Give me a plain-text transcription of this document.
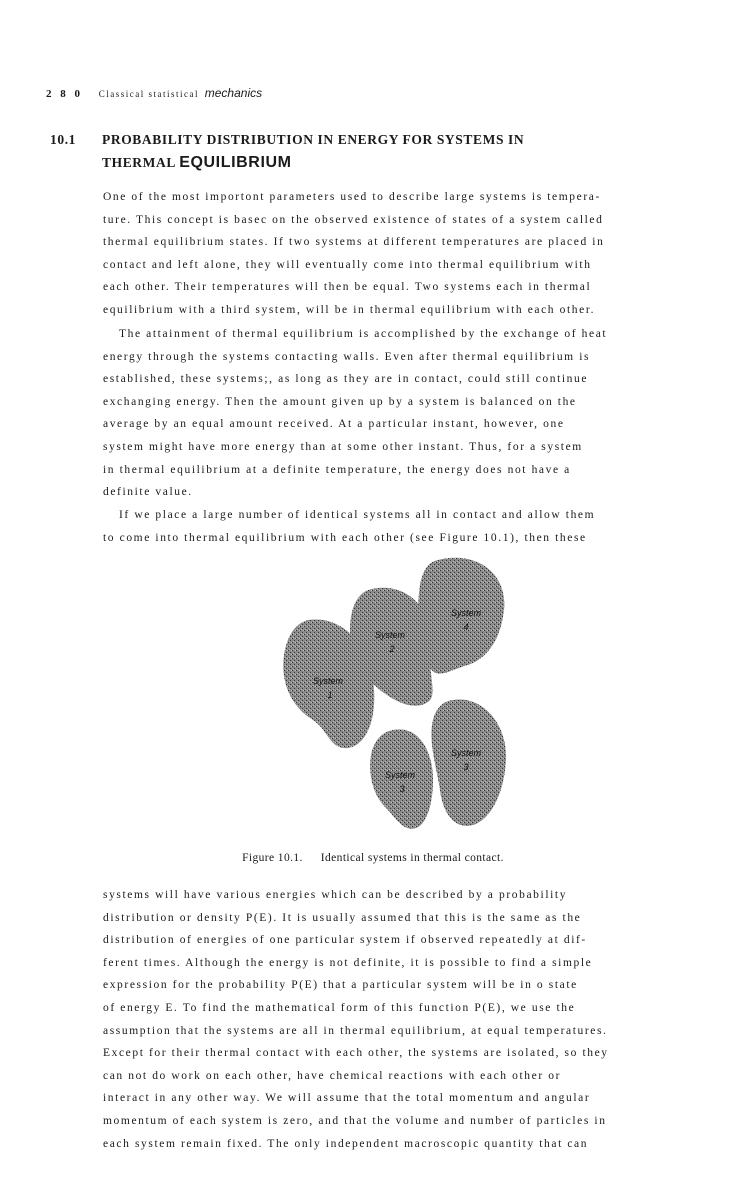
2 8 0 Classical statistical mechanics
10.1 PROBABILITY DISTRIBUTION IN ENERGY FOR SYSTEMS IN
THERMAL EQUILIBRIUM
One of the most importont parameters used to describe large systems is tempera-
ture. This concept is basec on the observed existence of states of a system called
thermal equilibrium states. If two systems at different temperatures are placed in
contact and left alone, they will eventually come into thermal equilibrium with
each other. Their temperatures will then be equal. Two systems each in thermal
equilibrium with a third system, will be in thermal equilibrium with each other.
The attainment of thermal equilibrium is accomplished by the exchange of heat
energy through the systems contacting walls. Even after thermal equilibrium is
established, these systems;, as long as they are in contact, could still continue
exchanging energy. Then the amount given up by a system is balanced on the
average by an equal amount received. At a particular instant, however, one
system might have more energy than at some other instant. Thus, for a system
in thermal equilibrium at a definite temperature, the energy does not have a
definite value.
If we place a large number of identical systems all in contact and allow them
to come into thermal equilibrium with each other (see Figure 10.1), then these
System
4
System
2
System
1
System
3
System
3
Figure 10.1. Identical systems in thermal contact.
systems will have various energies which can be described by a probability
distribution or density P(E). It is usually assumed that this is the same as the
distribution of energies of one particular system if observed repeatedly at dif-
ferent times. Although the energy is not definite, it is possible to find a simple
expression for the probability P(E) that a particular system will be in o state
of energy E. To find the mathematical form of this function P(E), we use the
assumption that the systems are all in thermal equilibrium, at equal temperatures.
Except for their thermal contact with each other, the systems are isolated, so they
can not do work on each other, have chemical reactions with each other or
interact in any other way. We will assume that the total momentum and angular
momentum of each system is zero, and that the volume and number of particles in
each system remain fixed. The only independent macroscopic quantity that can
